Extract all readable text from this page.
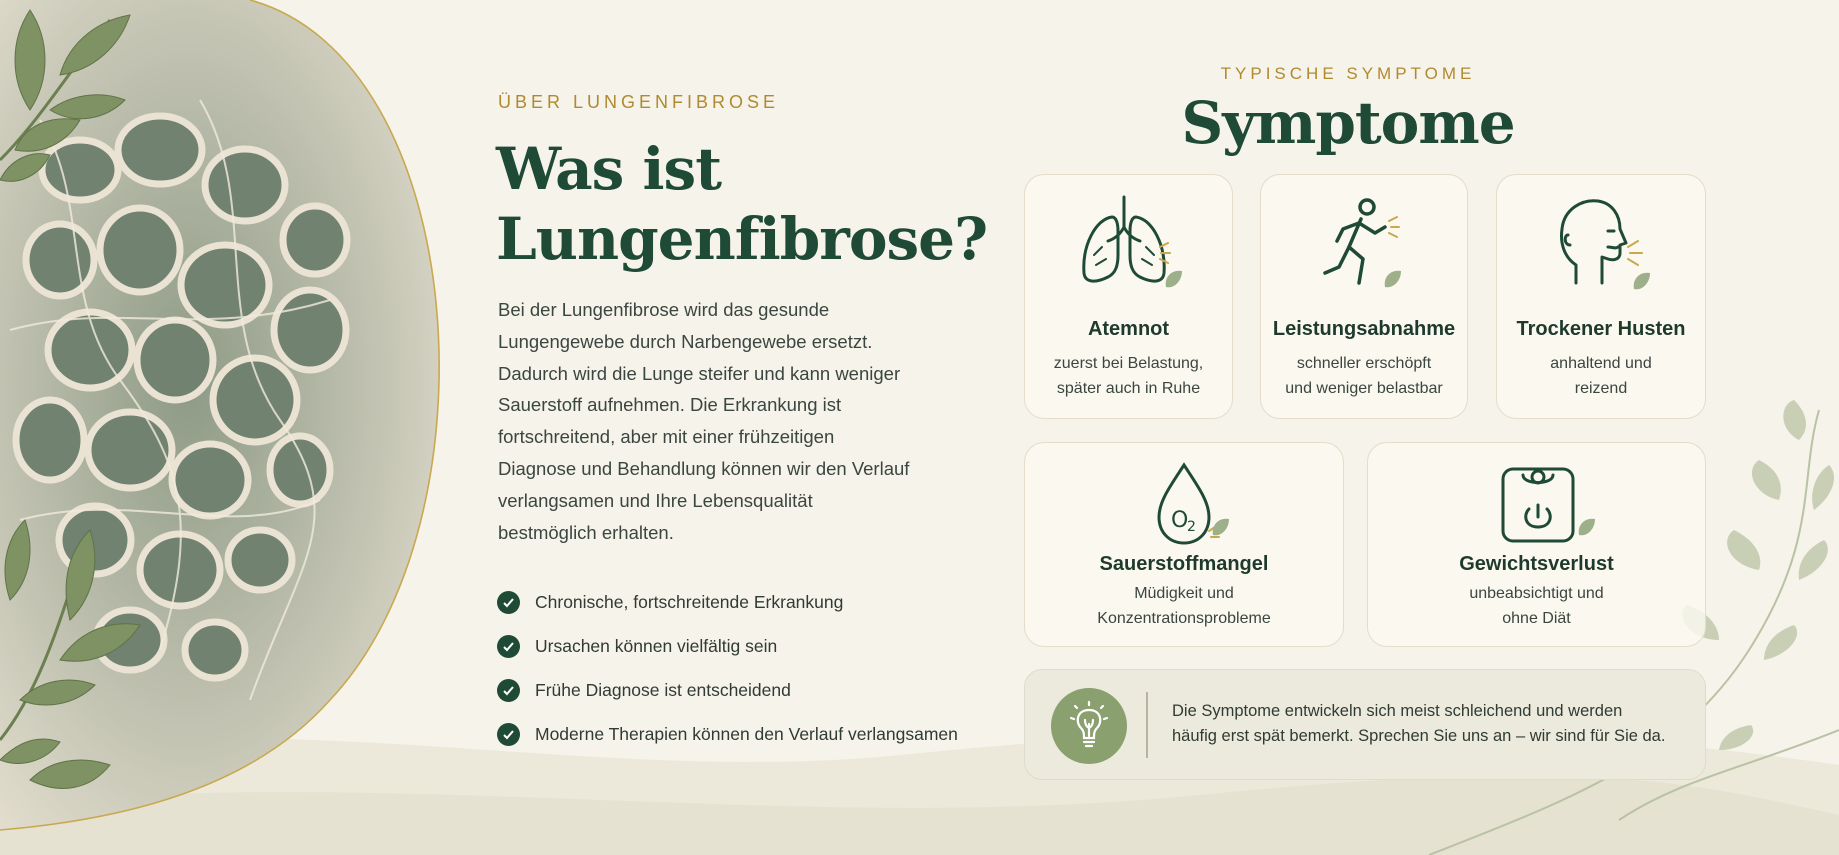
ÜBER LUNGENFIBROSE
Was ist
Lungenfibrose?

Bei der Lungenfibrose wird das gesunde
Lungengewebe durch Narbengewebe ersetzt.
Dadurch wird die Lunge steifer und kann weniger
Sauerstoff aufnehmen. Die Erkrankung ist
fortschreitend, aber mit einer frühzeitigen
Diagnose und Behandlung können wir den Verlauf
verlangsamen und Ihre Lebensqualität
bestmöglich erhalten.

Chronische, fortschreitende Erkrankung
Ursachen können vielfältig sein
Frühe Diagnose ist entscheidend
Moderne Therapien können den Verlauf verlangsamen
TYPISCHE SYMPTOME
Symptome
Atemnot
zuerst bei Belastung,
später auch in Ruhe
Leistungsabnahme
schneller erschöpft
und weniger belastbar
Trockener Husten
anhaltend und
reizend
O
2
Sauerstoffmangel
Müdigkeit und
Konzentrationsprobleme
Gewichtsverlust
unbeabsichtigt und
ohne Diät
Die Symptome entwickeln sich meist schleichend und werden
häufig erst spät bemerkt. Sprechen Sie uns an – wir sind für Sie da.
